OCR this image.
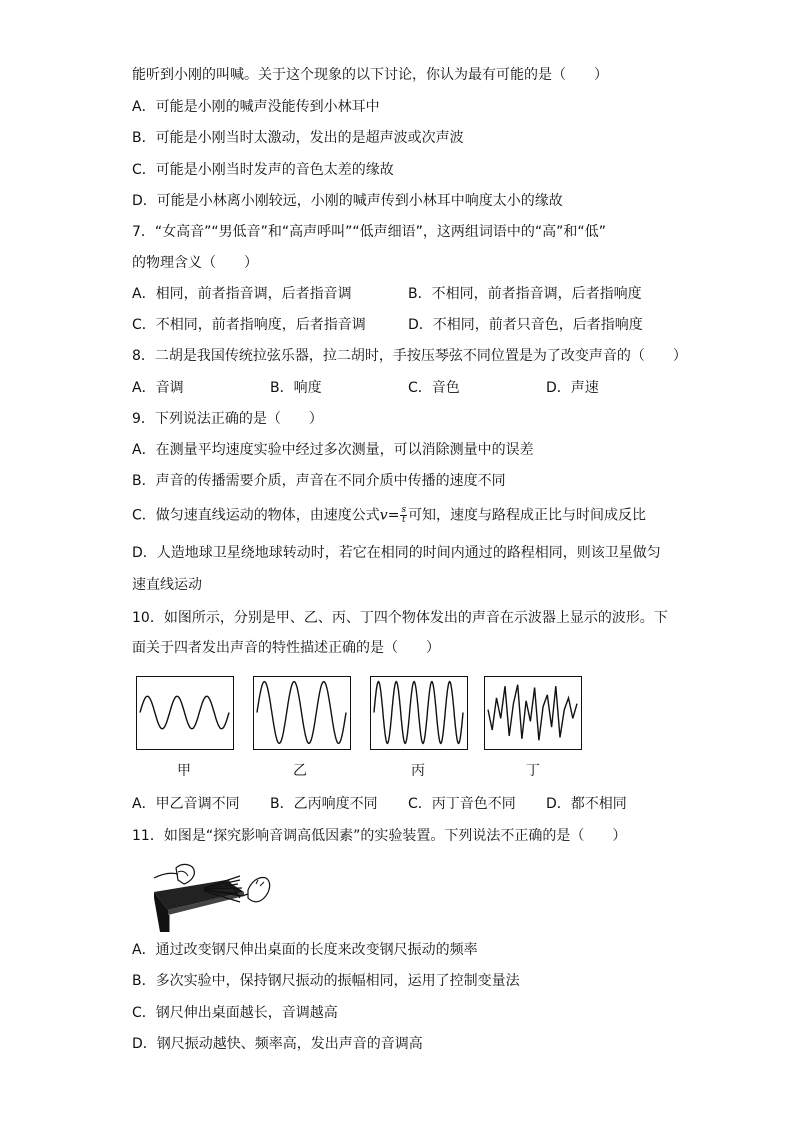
能听到小刚的叫喊。关于这个现象的以下讨论，你认为最有可能的是（　　）
A．可能是小刚的喊声没能传到小林耳中
B．可能是小刚当时太激动，发出的是超声波或次声波
C．可能是小刚当时发声的音色太差的缘故
D．可能是小林离小刚较远，小刚的喊声传到小林耳中响度太小的缘故
7．“女高音”“男低音”和“高声呼叫”“低声细语”，这两组词语中的“高”和“低”
的物理含义（　　）
A．相同，前者指音调，后者指音调	B．不相同，前者指音调，后者指响度
C．不相同，前者指响度，后者指音调	D．不相同，前者只音色，后者指响度
8．二胡是我国传统拉弦乐器，拉二胡时，手按压琴弦不同位置是为了改变声音的（　　）
A．音调	B．响度	C．音色	D．声速
9．下列说法正确的是（　　）
A．在测量平均速度实验中经过多次测量，可以消除测量中的误差
B．声音的传播需要介质，声音在不同介质中传播的速度不同
C．做匀速直线运动的物体，由速度公式$v= \frac{s}{t}$ 可知，速度与路程成正比与时间成反比
D．人造地球卫星绕地球转动时，若它在相同的时间内通过的路程相同，则该卫星做匀
速直线运动
10．如图所示，分别是甲、乙、丙、丁四个物体发出的声音在示波器上显示的波形。下
面关于四者发出声音的特性描述正确的是（　　）
甲	乙	丙	丁
A．甲乙音调不同 B．乙丙响度不同 C．丙丁音色不同 D．都不相同
11．如图是“探究影响音调高低因素”的实验装置。下列说法不正确的是（　　）
A．通过改变钢尺伸出桌面的长度来改变钢尺振动的频率
B．多次实验中，保持钢尺振动的振幅相同，运用了控制变量法
C．钢尺伸出桌面越长，音调越高
D．钢尺振动越快、频率高，发出声音的音调高
